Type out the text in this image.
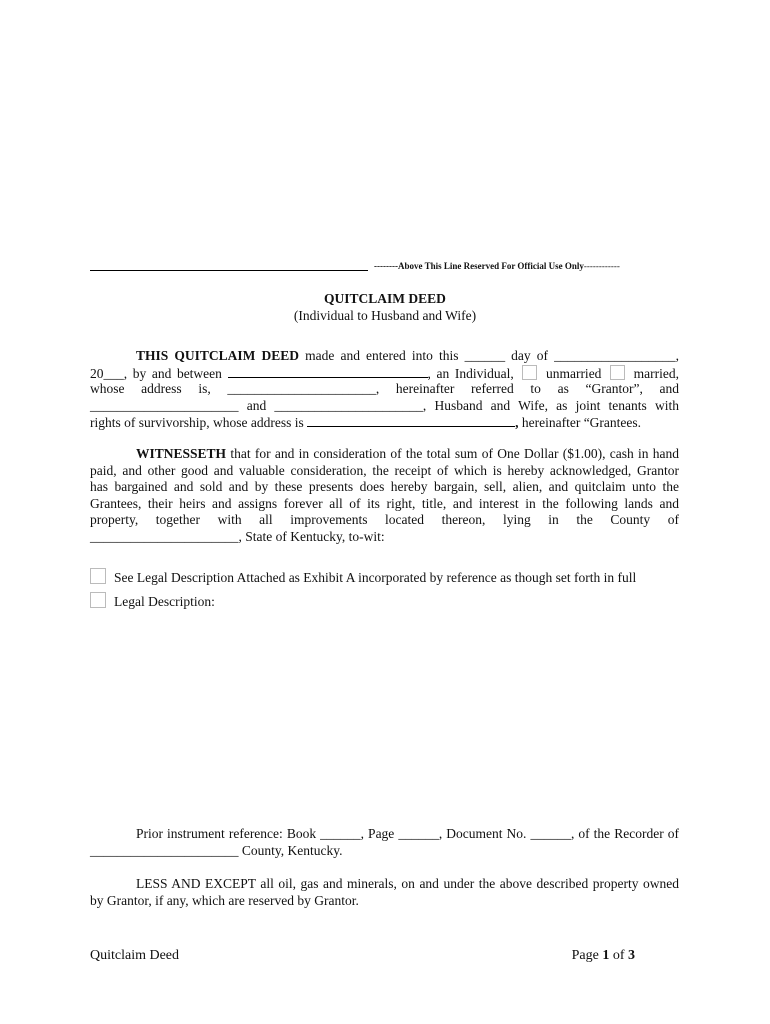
--------Above This Line Reserved For Official Use Only------------
QUITCLAIM DEED
(Individual to Husband and Wife)
THIS QUITCLAIM DEED made and entered into this ______ day of __________________,
20___, by and between	, an Individual, unmarried married,
whose address is, ______________________, hereinafter referred to as “Grantor”, and
______________________ and ______________________, Husband and Wife, as joint tenants with
rights of survivorship, whose address is	, hereinafter “Grantees.
WITNESSETH that for and in consideration of the total sum of One Dollar ($1.00), cash in hand
paid, and other good and valuable consideration, the receipt of which is hereby acknowledged, Grantor
has bargained and sold and by these presents does hereby bargain, sell, alien, and quitclaim unto the
Grantees, their heirs and assigns forever all of its right, title, and interest in the following lands and
property, together with all improvements located thereon, lying in the County of
______________________, State of Kentucky, to-wit:
See Legal Description Attached as Exhibit A incorporated by reference as though set forth in full
Legal Description:
Prior instrument reference: Book ______, Page ______, Document No. ______, of the Recorder of
______________________ County, Kentucky.
LESS AND EXCEPT all oil, gas and minerals, on and under the above described property owned
by Grantor, if any, which are reserved by Grantor.
Quitclaim Deed	Page 1 of 3
